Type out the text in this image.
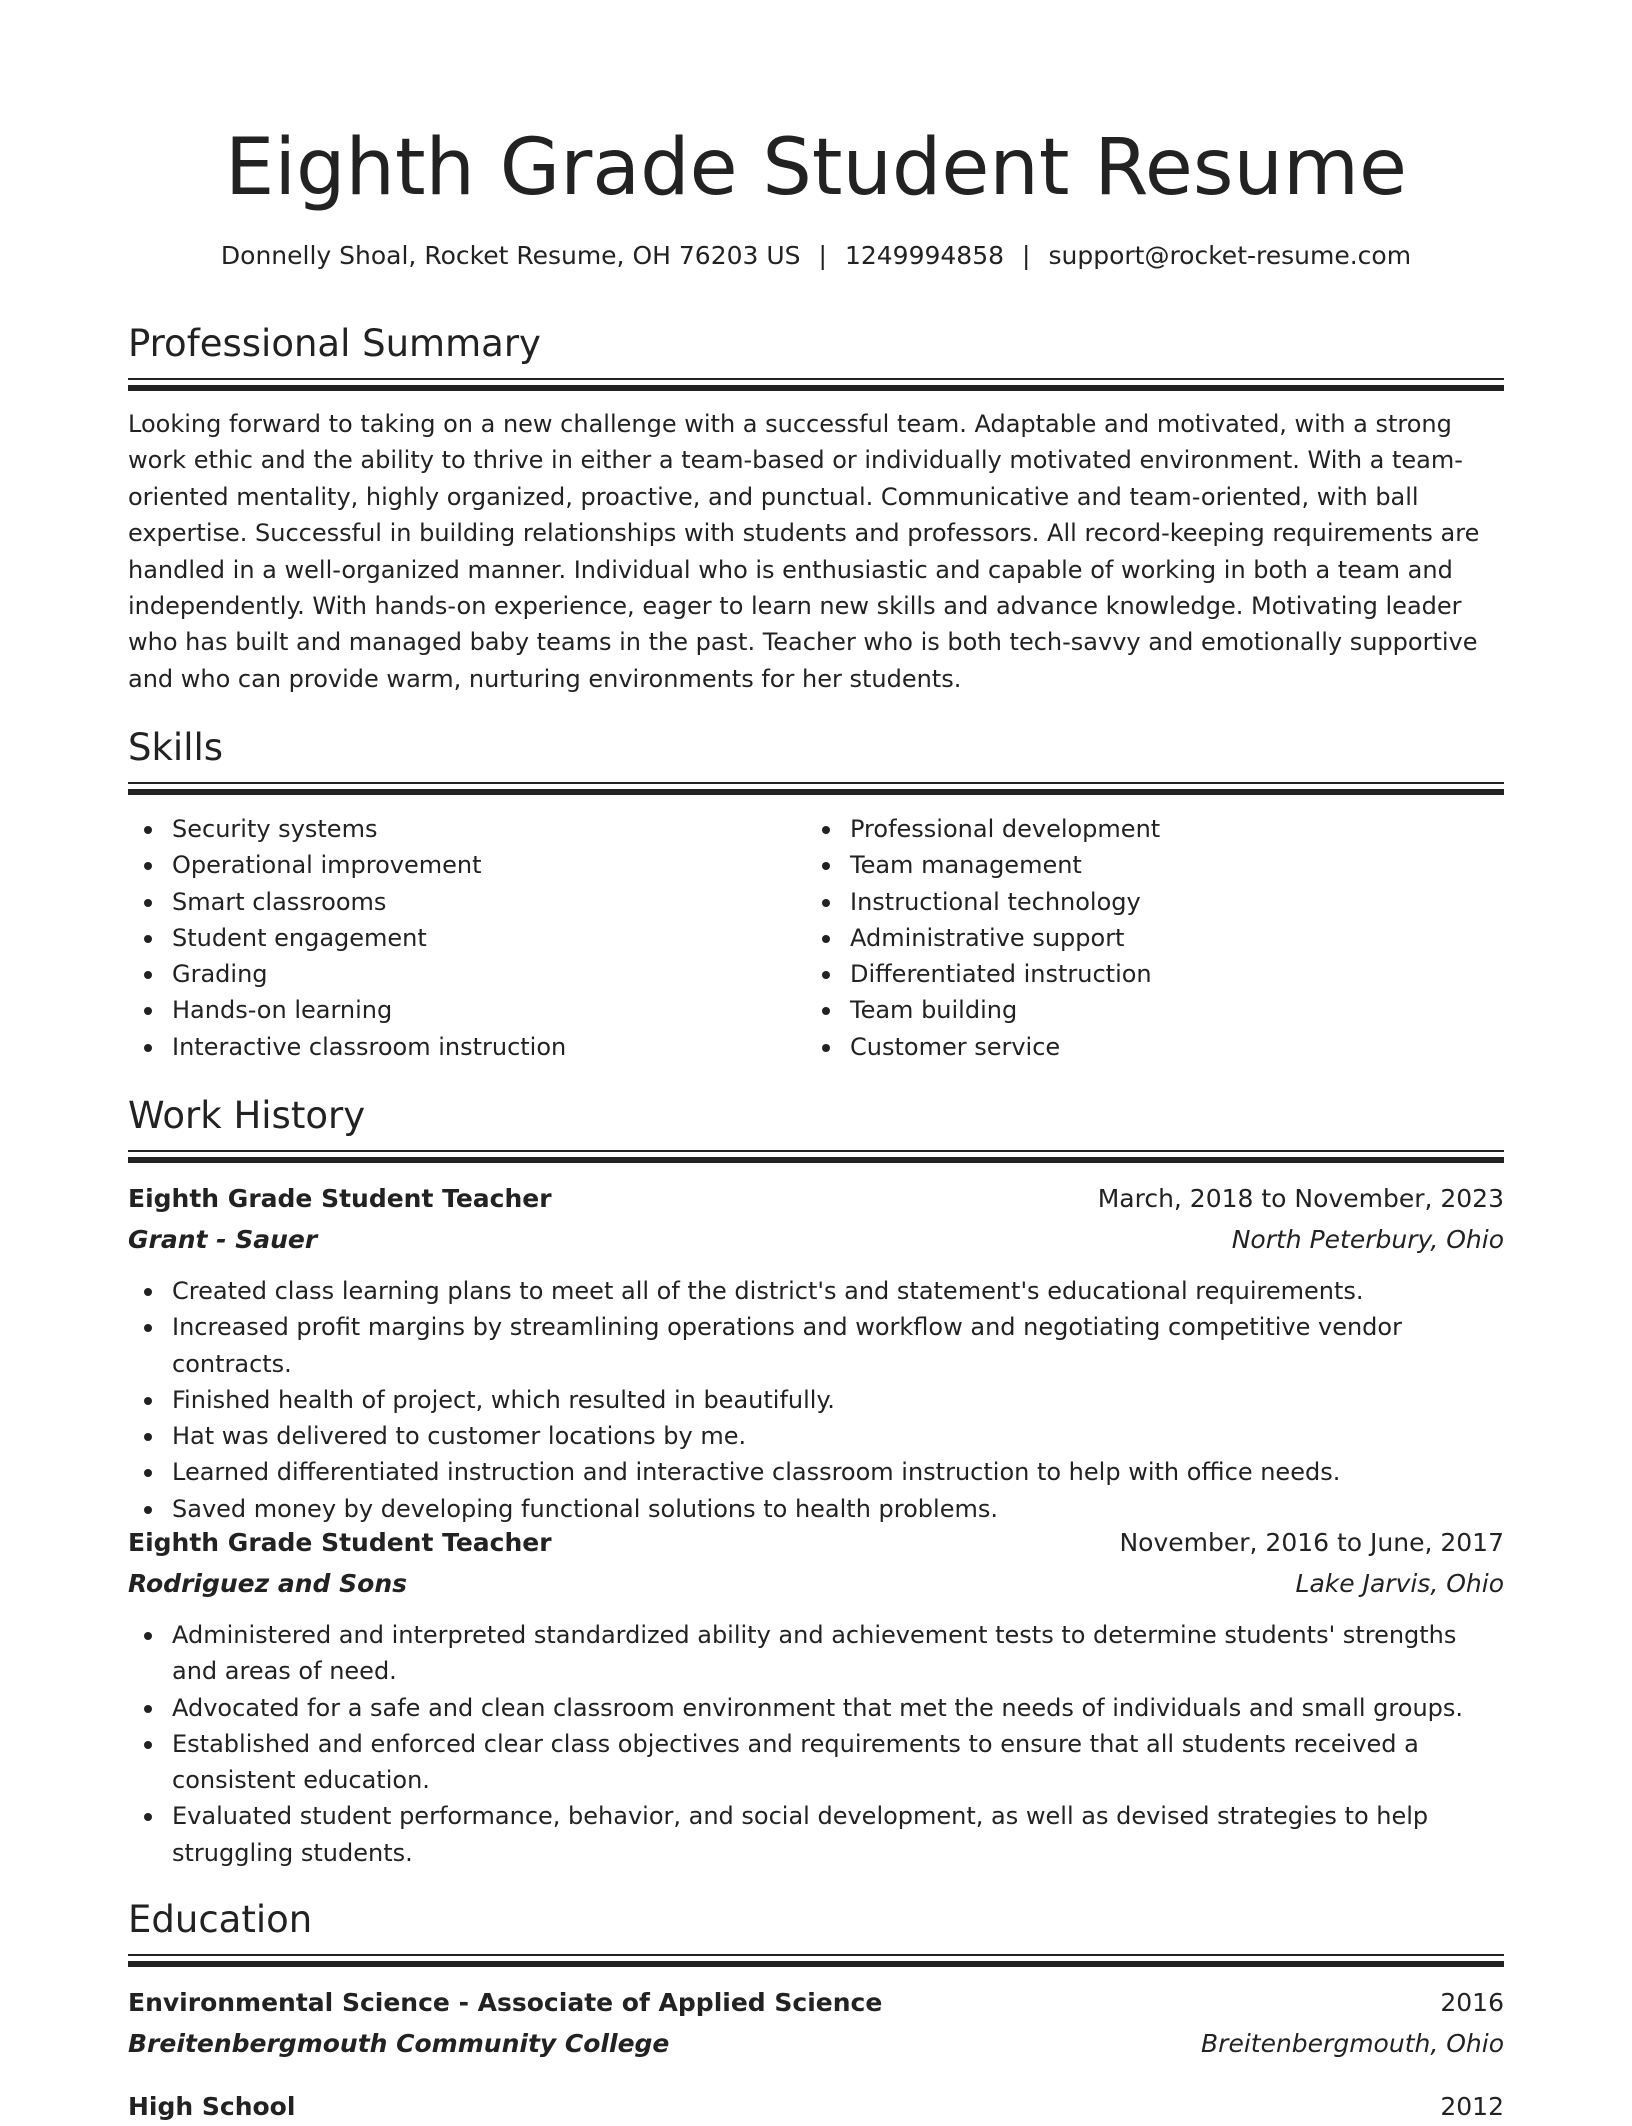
Eighth Grade Student Resume
Donnelly Shoal, Rocket Resume, OH 76203 US | 1249994858 | support@rocket-resume.com
Professional Summary

Looking forward to taking on a new challenge with a successful team. Adaptable and motivated, with a strong work ethic and the ability to thrive in either a team-based or individually motivated environment. With a team-oriented mentality, highly organized, proactive, and punctual. Communicative and team-oriented, with ball expertise. Successful in building relationships with students and professors. All record-keeping requirements are handled in a well-organized manner. Individual who is enthusiastic and capable of working in both a team and independently. With hands-on experience, eager to learn new skills and advance knowledge. Motivating leader who has built and managed baby teams in the past. Teacher who is both tech-savvy and emotionally supportive and who can provide warm, nurturing environments for her students.

Skills
Security systems
Operational improvement
Smart classrooms
Student engagement
Grading
Hands-on learning
Interactive classroom instruction
Professional development
Team management
Instructional technology
Administrative support
Differentiated instruction
Team building
Customer service
Work History
Eighth Grade Student Teacher	March, 2018 to November, 2023
Grant - Sauer	North Peterbury, Ohio
Created class learning plans to meet all of the district's and statement's educational requirements.
Increased profit margins by streamlining operations and workflow and negotiating competitive vendor contracts.
Finished health of project, which resulted in beautifully.
Hat was delivered to customer locations by me.
Learned differentiated instruction and interactive classroom instruction to help with office needs.
Saved money by developing functional solutions to health problems.
Eighth Grade Student Teacher	November, 2016 to June, 2017
Rodriguez and Sons	Lake Jarvis, Ohio
Administered and interpreted standardized ability and achievement tests to determine students' strengths and areas of need.
Advocated for a safe and clean classroom environment that met the needs of individuals and small groups.
Established and enforced clear class objectives and requirements to ensure that all students received a consistent education.
Evaluated student performance, behavior, and social development, as well as devised strategies to help struggling students.
Education
Environmental Science - Associate of Applied Science	2016
Breitenbergmouth Community College	Breitenbergmouth, Ohio
High School	2012
